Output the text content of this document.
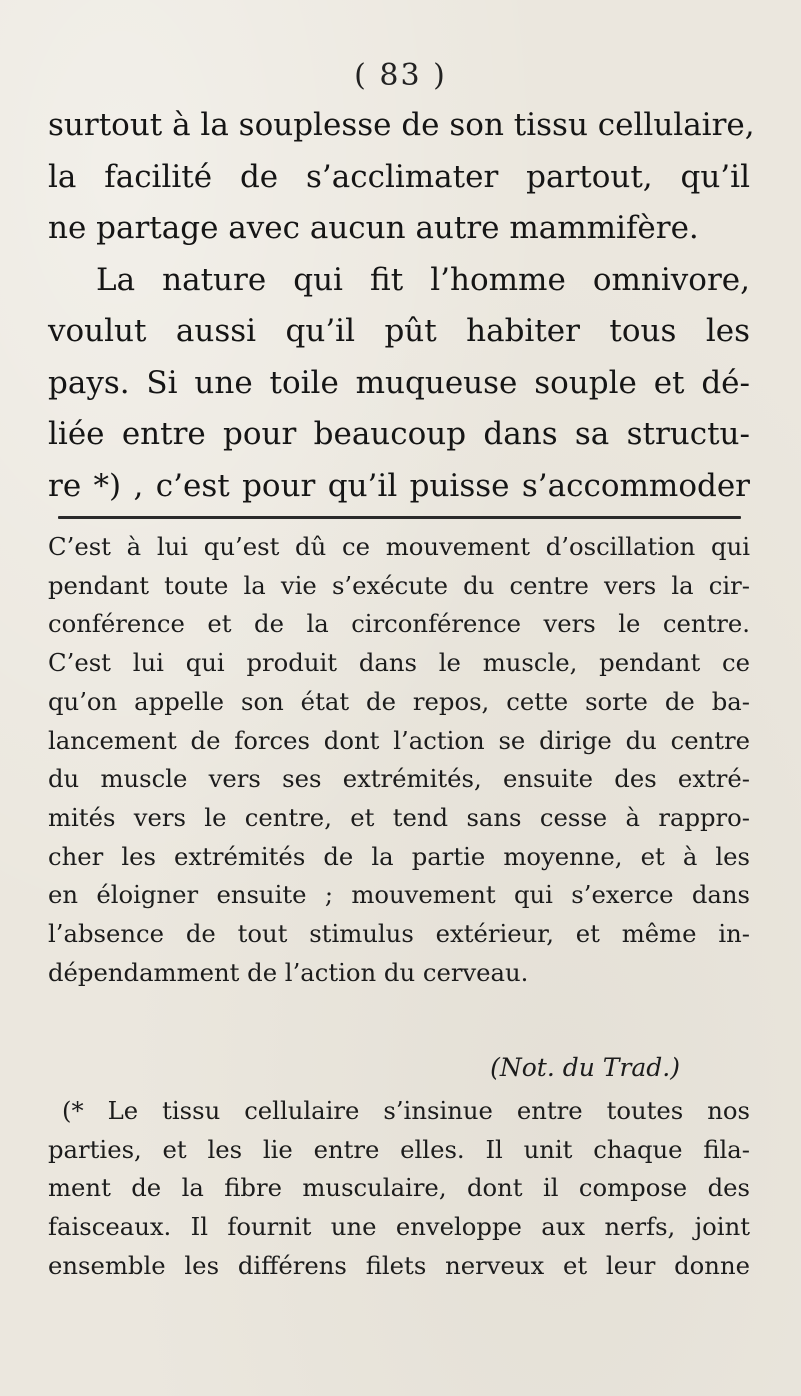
( 83 )

surtout à la souplesse de son tissu cellulaire,
la facilité de s’acclimater partout, qu’il
ne partage avec aucun autre mammifère.

La nature qui fit l’homme omnivore,
voulut aussi qu’il pût habiter tous les
pays. Si une toile muqueuse souple et dé-
liée entre pour beaucoup dans sa structu-
re *) , c’est pour qu’il puisse s’accommoder

C’est à lui qu’est dû ce mouvement d’oscillation qui
pendant toute la vie s’exécute du centre vers la cir-
conférence et de la circonférence vers le centre.
C’est lui qui produit dans le muscle, pendant ce
qu’on appelle son état de repos, cette sorte de ba-
lancement de forces dont l’action se dirige du centre
du muscle vers ses extrémités, ensuite des extré-
mités vers le centre, et tend sans cesse à rappro-
cher les extrémités de la partie moyenne, et à les
en éloigner ensuite ; mouvement qui s’exerce dans
l’absence de tout stimulus extérieur, et même in-
dépendamment de l’action du cerveau.

(Not. du Trad.)
(* Le tissu cellulaire s’insinue entre toutes nos
parties, et les lie entre elles. Il unit chaque fila-
ment de la fibre musculaire, dont il compose des
faisceaux. Il fournit une enveloppe aux nerfs, joint
ensemble les différens filets nerveux et leur donne
